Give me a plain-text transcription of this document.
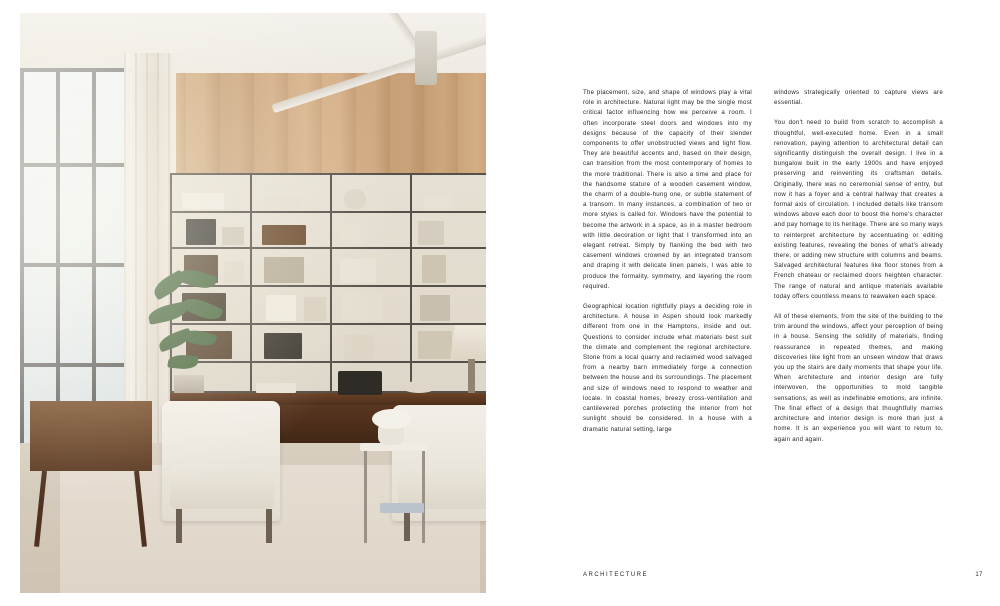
The placement, size, and shape of windows play a vital role in architecture. Natural light may be the single most critical factor influencing how we perceive a room. I often incorporate steel doors and windows into my designs because of the capacity of their slender components to offer unobstructed views and light flow. They are beautiful accents and, based on their design, can transition from the most contemporary of homes to the more traditional. There is also a time and place for the handsome stature of a wooden casement window, the charm of a double-hung one, or subtle statement of a transom. In many instances, a combination of two or more styles is called for. Windows have the potential to become the artwork in a space, as in a master bedroom with little decoration or light that I transformed into an elegant retreat. Simply by flanking the bed with two casement windows crowned by an integrated transom and draping it with delicate linen panels, I was able to produce the formality, symmetry, and layering the room required.

Geographical location rightfully plays a deciding role in architecture. A house in Aspen should look markedly different from one in the Hamptons, inside and out. Questions to consider include what materials best suit the climate and complement the regional architecture. Stone from a local quarry and reclaimed wood salvaged from a nearby barn immediately forge a connection between the house and its surroundings. The placement and size of windows need to respond to weather and locale. In coastal homes, breezy cross-ventilation and cantilevered porches protecting the interior from hot sunlight should be considered. In a house with a dramatic natural setting, large

windows strategically oriented to capture views are essential.

You don't need to build from scratch to accomplish a thoughtful, well-executed home. Even in a small renovation, paying attention to architectural detail can significantly distinguish the overall design. I live in a bungalow built in the early 1900s and have enjoyed preserving and reinventing its craftsman details. Originally, there was no ceremonial sense of entry, but now it has a foyer and a central hallway that creates a formal axis of circulation. I included details like transom windows above each door to boost the home's character and pay homage to its heritage. There are so many ways to reinterpret architecture by accentuating or editing existing features, revealing the bones of what's already there, or adding new structure with columns and beams. Salvaged architectural features like floor stones from a French chateau or reclaimed doors heighten character. The range of natural and antique materials available today offers countless means to reawaken each space.

All of these elements, from the site of the building to the trim around the windows, affect your perception of being in a house. Sensing the solidity of materials, finding reassurance in repeated themes, and making discoveries like light from an unseen window that draws you up the stairs are daily moments that shape your life. When architecture and interior design are fully interwoven, the opportunities to mold tangible sensations, as well as indefinable emotions, are infinite. The final effect of a design that thoughtfully marries architecture and interior design is more than just a home. It is an experience you will want to return to, again and again.

ARCHITECTURE	17
